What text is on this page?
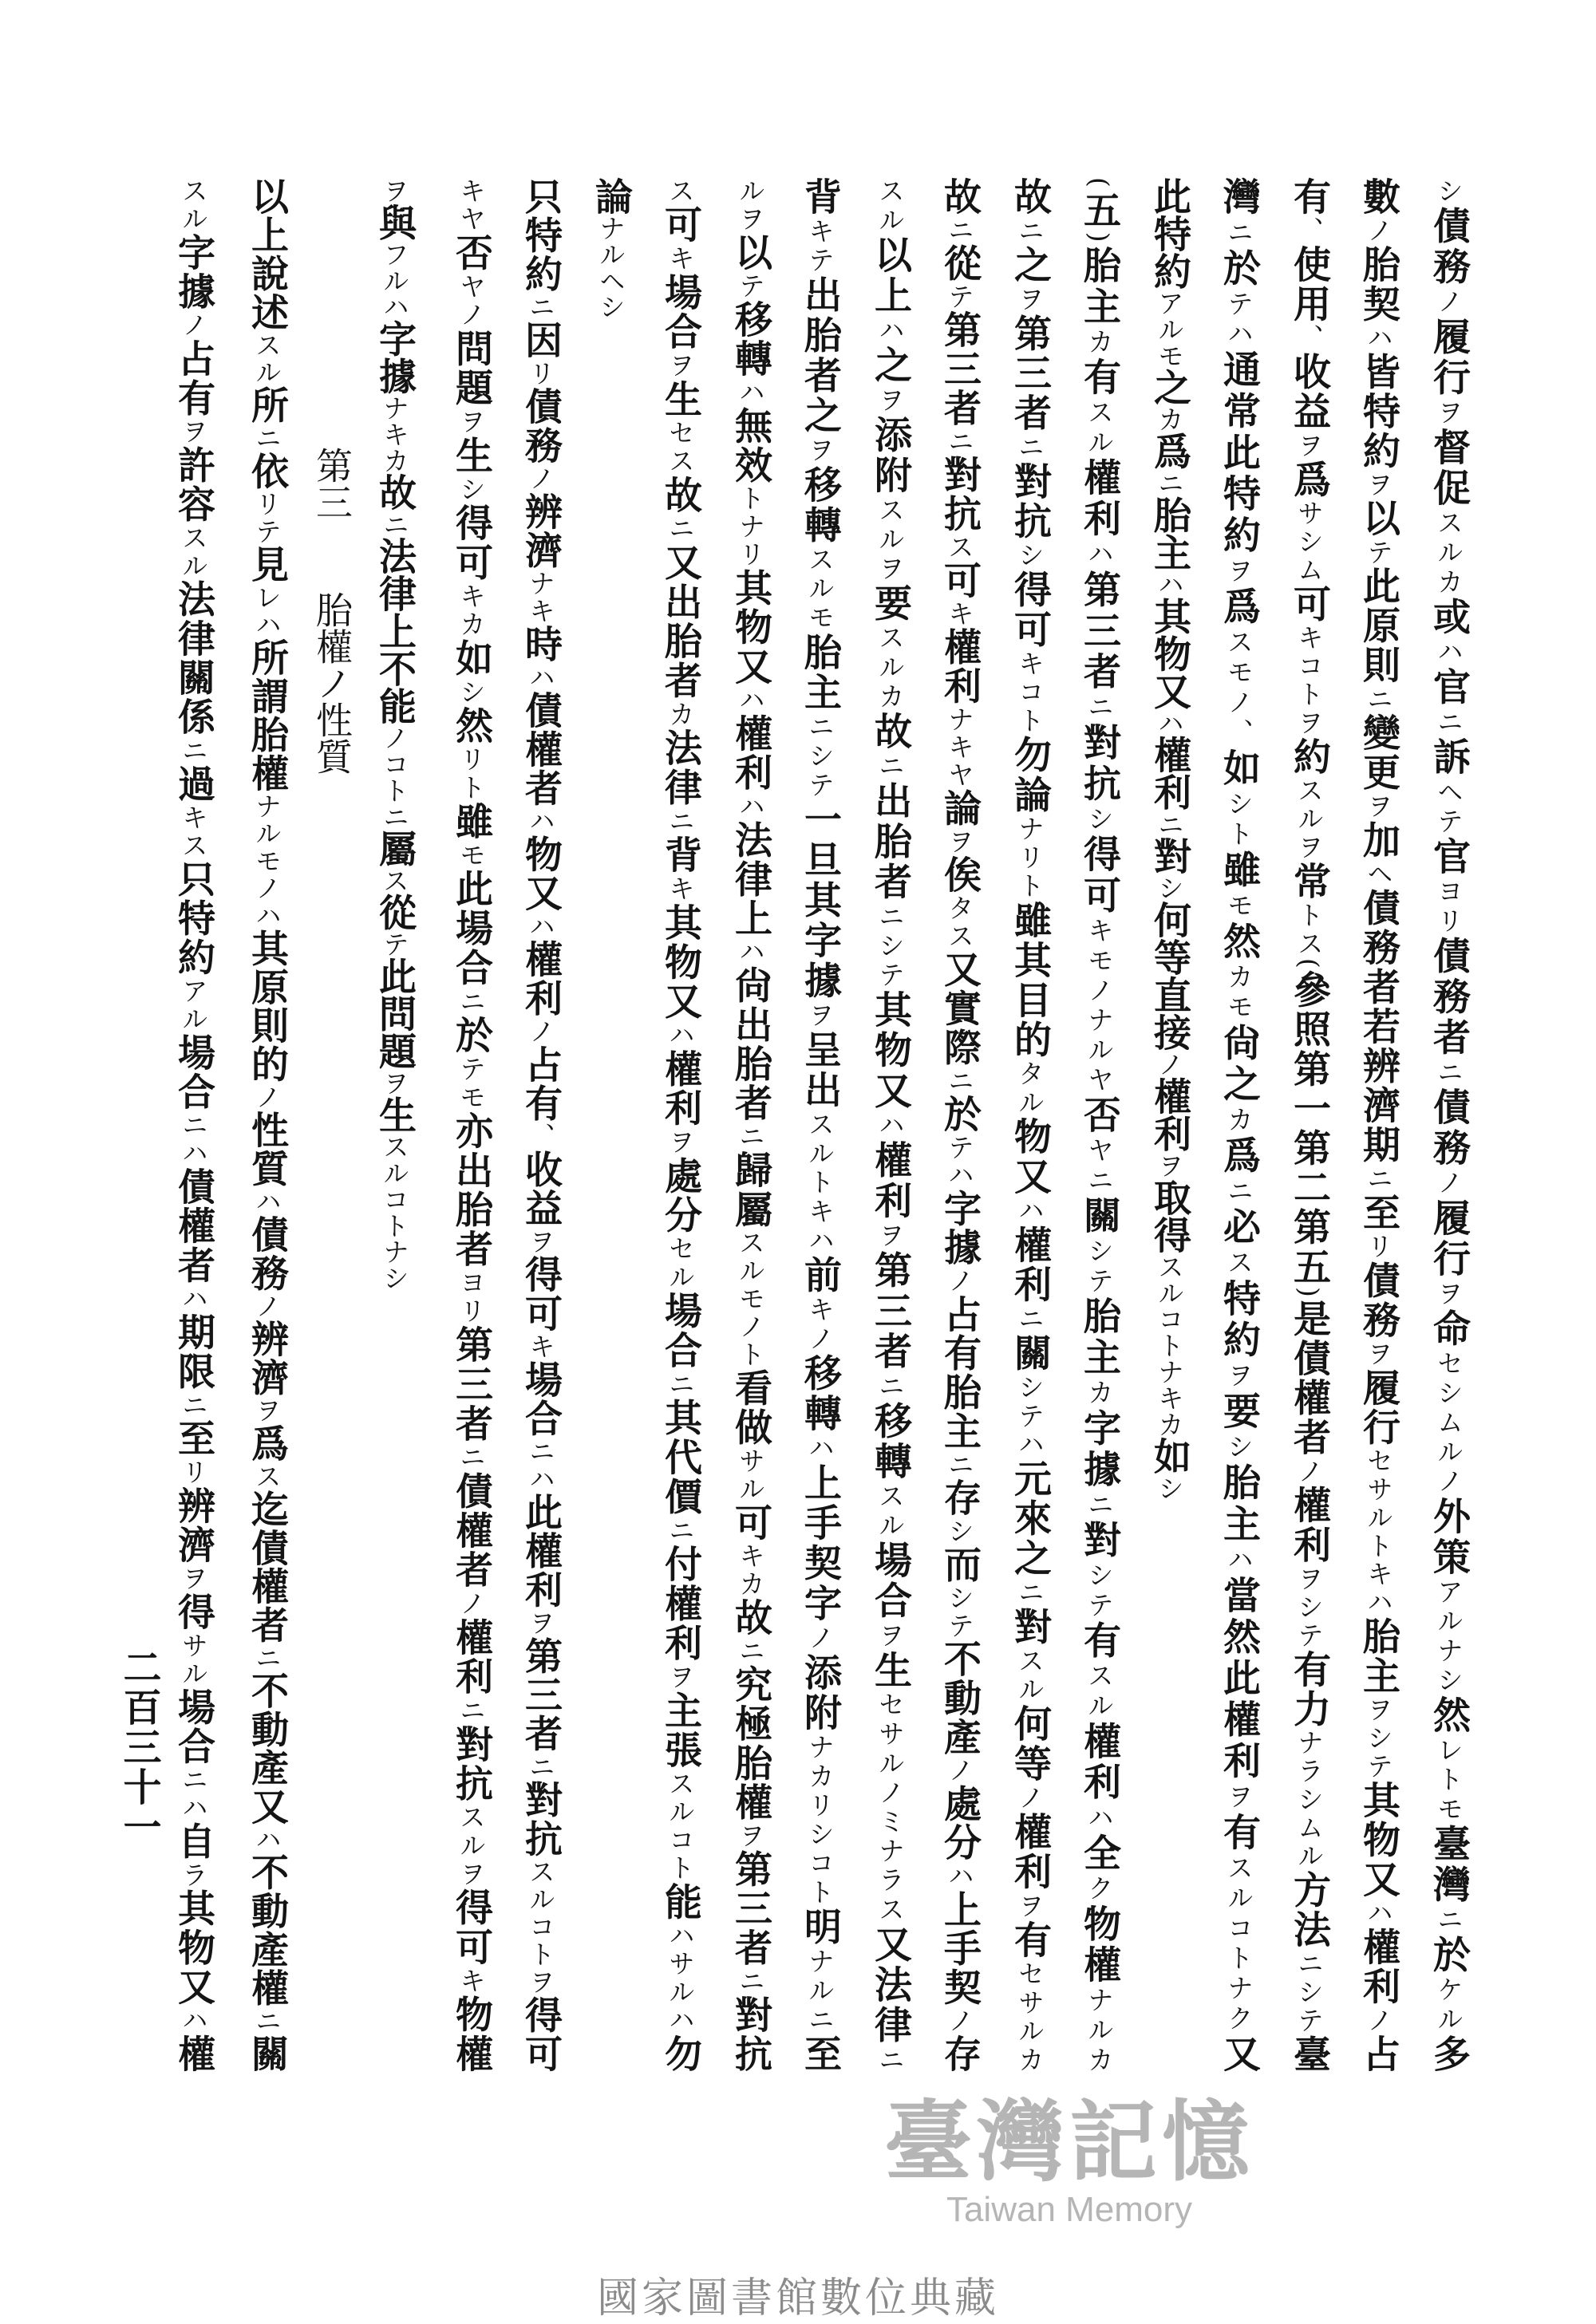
シ債務ノ履行ヲ督促スルカ或ハ官ニ訴ヘテ官ヨリ債務者ニ債務ノ履行ヲ命セシムルノ外策アルナシ然レトモ臺灣ニ於ケル多
數ノ胎契ハ皆特約ヲ以テ此原則ニ變更ヲ加ヘ債務者若辨濟期ニ至リ債務ヲ履行セサルトキハ胎主ヲシテ其物又ハ權利ノ占
有、使用、收益ヲ爲サシム可キコトヲ約スルヲ常トス(參照第一第二第五)是債權者ノ權利ヲシテ有力ナラシムル方法ニシテ臺
灣ニ於テハ通常此特約ヲ爲スモノ、如シト雖モ然カモ尙之カ爲ニ必ス特約ヲ要シ胎主ハ當然此權利ヲ有スルコトナク又
此特約アルモ之カ爲ニ胎主ハ其物又ハ權利ニ對シ何等直接ノ權利ヲ取得スルコトナキカ如シ
(五)胎主カ有スル權利ハ第三者ニ對抗シ得可キモノナルヤ否ヤニ關シテ胎主カ字據ニ對シテ有スル權利ハ全ク物權ナルカ
故ニ之ヲ第三者ニ對抗シ得可キコト勿論ナリト雖其目的タル物又ハ權利ニ關シテハ元來之ニ對スル何等ノ權利ヲ有セサルカ
故ニ從テ第三者ニ對抗ス可キ權利ナキヤ論ヲ俟タス又實際ニ於テハ字據ノ占有胎主ニ存シ而シテ不動產ノ處分ハ上手契ノ存
スル以上ハ之ヲ添附スルヲ要スルカ故ニ出胎者ニシテ其物又ハ權利ヲ第三者ニ移轉スル場合ヲ生セサルノミナラス又法律ニ
背キテ出胎者之ヲ移轉スルモ胎主ニシテ一旦其字據ヲ呈出スルトキハ前キノ移轉ハ上手契字ノ添附ナカリシコト明ナルニ至
ルヲ以テ移轉ハ無效トナリ其物又ハ權利ハ法律上ハ尙出胎者ニ歸屬スルモノト看做サル可キカ故ニ究極胎權ヲ第三者ニ對抗
ス可キ場合ヲ生セス故ニ又出胎者カ法律ニ背キ其物又ハ權利ヲ處分セル場合ニ其代價ニ付權利ヲ主張スルコト能ハサルハ勿
論ナルヘシ
只特約ニ因リ債務ノ辨濟ナキ時ハ債權者ハ物又ハ權利ノ占有、收益ヲ得可キ場合ニハ此權利ヲ第三者ニ對抗スルコトヲ得可
キヤ否ヤノ問題ヲ生シ得可キカ如シ然リト雖モ此場合ニ於テモ亦出胎者ヨリ第三者ニ債權者ノ權利ニ對抗スルヲ得可キ物權
ヲ與フルハ字據ナキカ故ニ法律上不能ノコトニ屬ス從テ此問題ヲ生スルコトナシ
第三  胎權ノ性質
以上說述スル所ニ依リテ見レハ所謂胎權ナルモノハ其原則的ノ性質ハ債務ノ辨濟ヲ爲ス迄債權者ニ不動產又ハ不動產權ニ關
スル字據ノ占有ヲ許容スル法律關係ニ過キス只特約アル場合ニハ債權者ハ期限ニ至リ辨濟ヲ得サル場合ニハ自ラ其物又ハ權
二百三十一
臺灣記憶
Taiwan Memory
國家圖書館數位典藏
